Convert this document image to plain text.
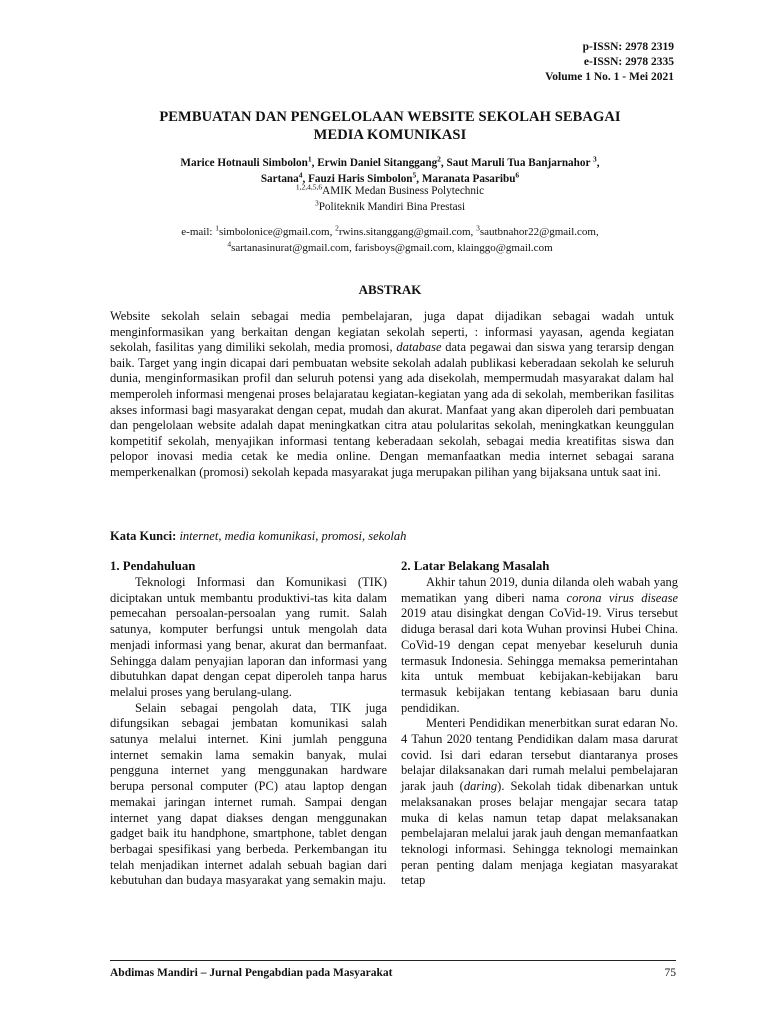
p-ISSN: 2978 2319
e-ISSN: 2978 2335
Volume 1 No. 1 - Mei 2021
PEMBUATAN DAN PENGELOLAAN WEBSITE SEKOLAH SEBAGAI
MEDIA KOMUNIKASI
Marice Hotnauli Simbolon$^1$, Erwin Daniel Sitanggang$^2$, Saut Maruli Tua Banjarnahor $^3$,
Sartana$^4$, Fauzi Haris Simbolon$^5$, Maranata Pasaribu$^6$
$^{1,2,4,5,6}$AMIK Medan Business Polytechnic
$^3$Politeknik Mandiri Bina Prestasi
e-mail: $^1$simbolonice@gmail.com, $^2$rwins.sitanggang@gmail.com, $^3$sautbnahor22@gmail.com,
$^4$sartanasinurat@gmail.com, farisboys@gmail.com, klainggo@gmail.com
ABSTRAK

Website sekolah selain sebagai media pembelajaran, juga dapat dijadikan sebagai wadah untuk menginformasikan yang berkaitan dengan kegiatan sekolah seperti, : informasi yayasan, agenda kegiatan sekolah, fasilitas yang dimiliki sekolah, media promosi, database data pegawai dan siswa yang terarsip dengan baik. Target yang ingin dicapai dari pembuatan website sekolah adalah publikasi keberadaan sekolah ke seluruh dunia, menginformasikan profil dan seluruh potensi yang ada disekolah, mempermudah masyarakat dalam hal memperoleh informasi mengenai proses belajaratau kegiatan-kegiatan yang ada di sekolah, memberikan fasilitas akses informasi bagi masyarakat dengan cepat, mudah dan akurat. Manfaat yang akan diperoleh dari pembuatan dan pengelolaan website adalah dapat meningkatkan citra atau polularitas sekolah, meningkatkan keunggulan kompetitif sekolah, menyajikan informasi tentang keberadaan sekolah, sebagai media kreatifitas siswa dan pelopor inovasi media cetak ke media online. Dengan memanfaatkan media internet sebagai sarana memperkenalkan (promosi) sekolah kepada masyarakat juga merupakan pilihan yang bijaksana untuk saat ini.

Kata Kunci: internet, media komunikasi, promosi, sekolah
1. Pendahuluan

Teknologi Informasi dan Komunikasi (TIK) diciptakan untuk membantu produktivi-tas kita dalam pemecahan persoalan-persoalan yang rumit. Salah satunya, komputer berfungsi untuk mengolah data menjadi informasi yang benar, akurat dan bermanfaat. Sehingga dalam penyajian laporan dan informasi yang dibutuhkan dapat dengan cepat diperoleh tanpa harus melalui proses yang berulang-ulang.

Selain sebagai pengolah data, TIK juga difungsikan sebagai jembatan komunikasi salah satunya melalui internet. Kini jumlah pengguna internet semakin lama semakin banyak, mulai pengguna internet yang menggunakan hardware berupa personal computer (PC) atau laptop dengan memakai jaringan internet rumah. Sampai dengan internet yang dapat diakses dengan menggunakan gadget baik itu handphone, smartphone, tablet dengan berbagai spesifikasi yang berbeda. Perkembangan itu telah menjadikan internet adalah sebuah bagian dari kebutuhan dan budaya masyarakat yang semakin maju.

2. Latar Belakang Masalah

Akhir tahun 2019, dunia dilanda oleh wabah yang mematikan yang diberi nama corona virus disease 2019 atau disingkat dengan CoVid-19. Virus tersebut diduga berasal dari kota Wuhan provinsi Hubei China. CoVid-19 dengan cepat menyebar keseluruh dunia termasuk Indonesia. Sehingga memaksa pemerintahan kita untuk membuat kebijakan-kebijakan baru termasuk kebijakan tentang kebiasaan baru dunia pendidikan.

Menteri Pendidikan menerbitkan surat edaran No. 4 Tahun 2020 tentang Pendidikan dalam masa darurat covid. Isi dari edaran tersebut diantaranya proses belajar dilaksanakan dari rumah melalui pembelajaran jarak jauh (daring). Sekolah tidak dibenarkan untuk melaksanakan proses belajar mengajar secara tatap muka di kelas namun tetap dapat melaksanakan pembelajaran melalui jarak jauh dengan memanfaatkan teknologi informasi. Sehingga teknologi memainkan peran penting dalam menjaga kegiatan masyarakat tetap

Abdimas Mandiri – Jurnal Pengabdian pada Masyarakat	75
